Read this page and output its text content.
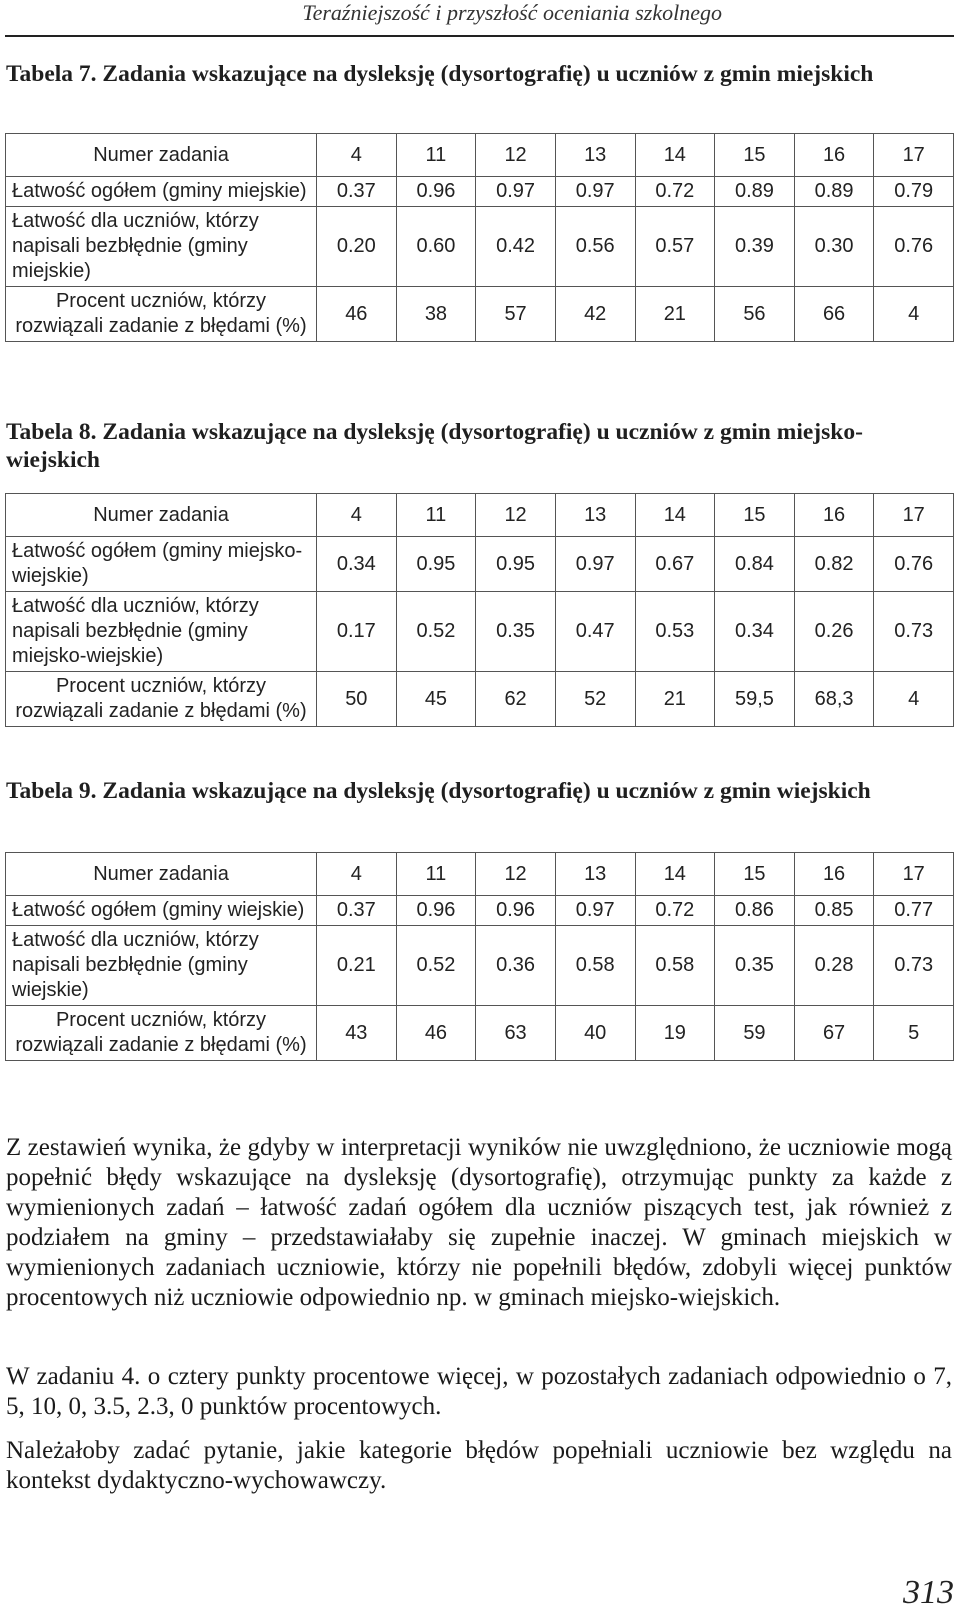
Teraźniejszość i przyszłość oceniania szkolnego
Tabela 7. Zadania wskazujące na dysleksję (dysortografię) u uczniów z gmin miejskich
Numer zadania	4	11	12	13	14	15	16	17
Łatwość ogółem (gminy miejskie)	0.37	0.96	0.97	0.97	0.72	0.89	0.89	0.79
Łatwość dla uczniów, którzy napisali bezbłędnie (gminy miejskie)	0.20	0.60	0.42	0.56	0.57	0.39	0.30	0.76
Procent uczniów, którzy rozwiązali zadanie z błędami (%)	46	38	57	42	21	56	66	4
Tabela 8. Zadania wskazujące na dysleksję (dysortografię) u uczniów z gmin miejsko-wiejskich
Numer zadania	4	11	12	13	14	15	16	17
Łatwość ogółem (gminy miejsko-wiejskie)	0.34	0.95	0.95	0.97	0.67	0.84	0.82	0.76
Łatwość dla uczniów, którzy napisali bezbłędnie (gminy miejsko-wiejskie)	0.17	0.52	0.35	0.47	0.53	0.34	0.26	0.73
Procent uczniów, którzy rozwiązali zadanie z błędami (%)	50	45	62	52	21	59,5	68,3	4
Tabela 9. Zadania wskazujące na dysleksję (dysortografię) u uczniów z gmin wiejskich
Numer zadania	4	11	12	13	14	15	16	17
Łatwość ogółem (gminy wiejskie)	0.37	0.96	0.96	0.97	0.72	0.86	0.85	0.77
Łatwość dla uczniów, którzy napisali bezbłędnie (gminy wiejskie)	0.21	0.52	0.36	0.58	0.58	0.35	0.28	0.73
Procent uczniów, którzy rozwiązali zadanie z błędami (%)	43	46	63	40	19	59	67	5
Z zestawień wynika, że gdyby w interpretacji wyników nie uwzględniono, że uczniowie mogą popełnić błędy wskazujące na dysleksję (dysortografię), otrzymując punkty za każde z wymienionych zadań – łatwość zadań ogółem dla uczniów piszących test, jak również z podziałem na gminy – przedstawiałaby się zupełnie inaczej. W gminach miejskich w wymienionych zadaniach uczniowie, którzy nie popełnili błędów, zdobyli więcej punktów procentowych niż uczniowie odpowiednio np. w gminach miejsko-wiejskich.
W zadaniu 4. o cztery punkty procentowe więcej, w pozostałych zadaniach odpowiednio o 7, 5, 10, 0, 3.5, 2.3, 0 punktów procentowych.
Należałoby zadać pytanie, jakie kategorie błędów popełniali uczniowie bez względu na kontekst dydaktyczno-wychowawczy.
313
